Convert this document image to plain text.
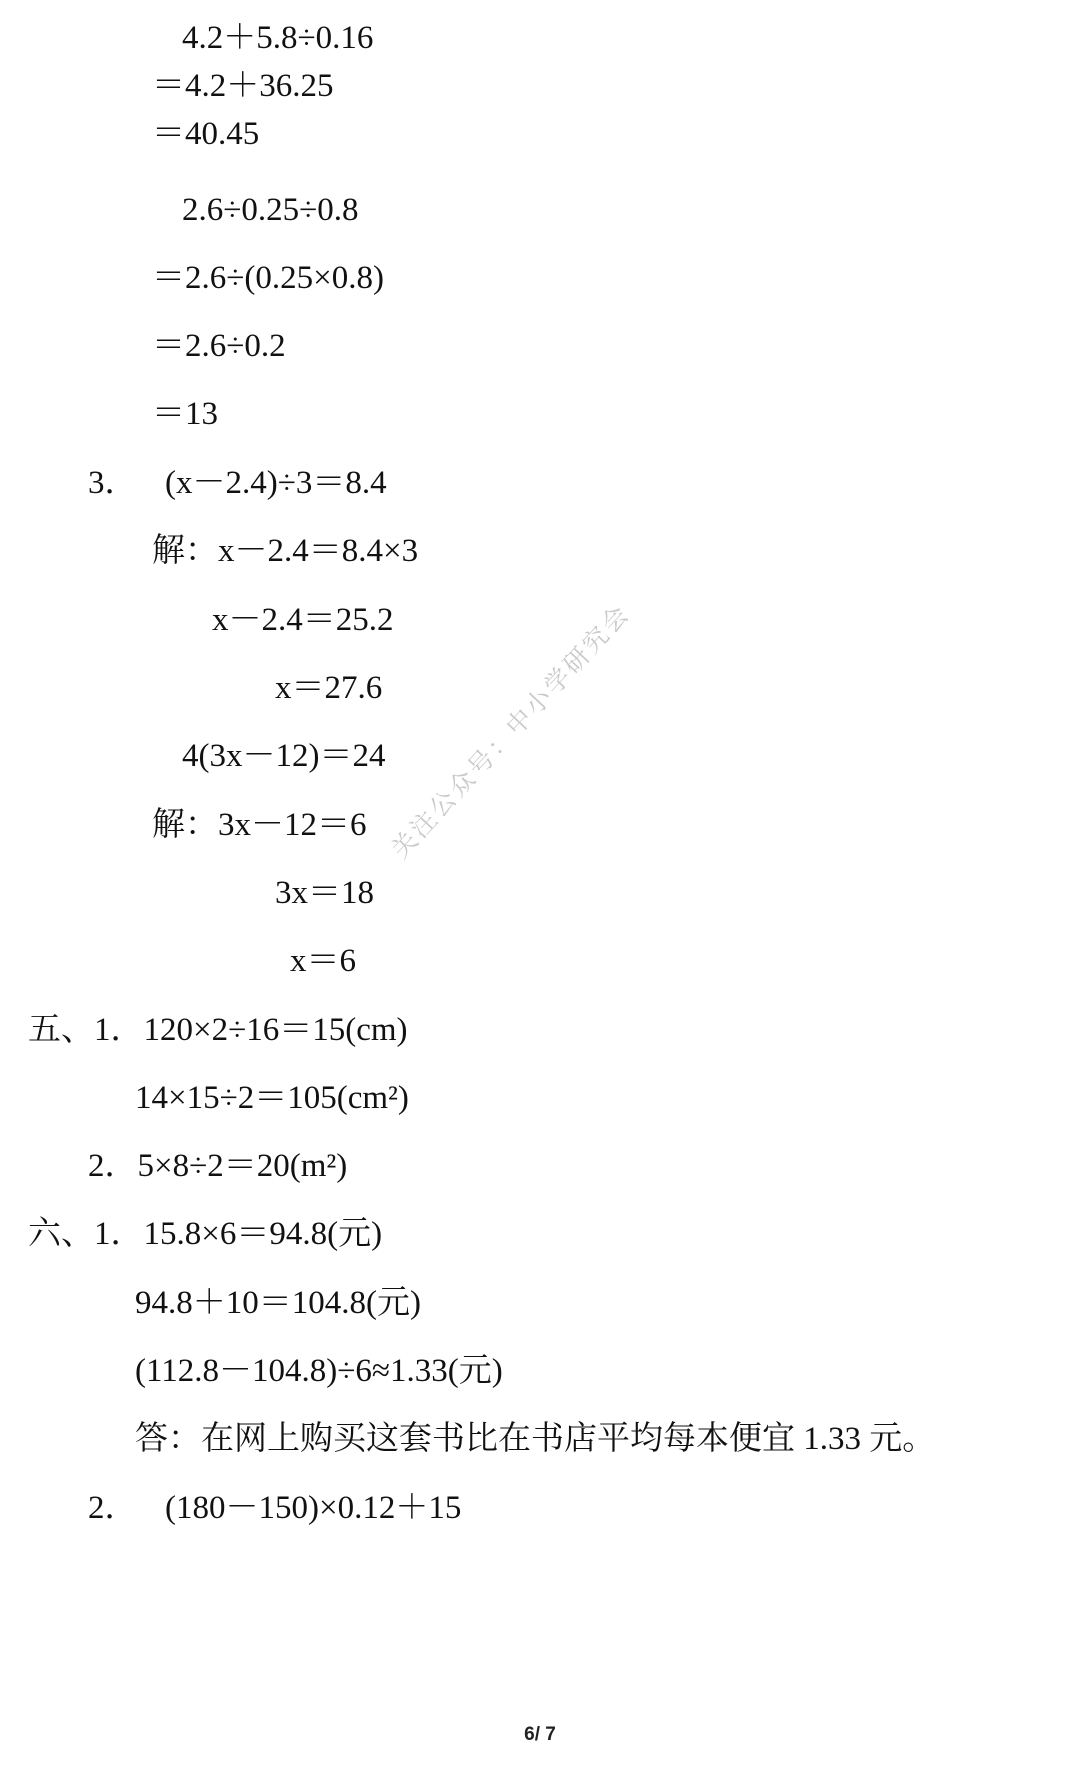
4.2＋5.8÷0.16
＝4.2＋36.25
＝40.45
2.6÷0.25÷0.8
＝2.6÷(0.25×0.8)
＝2.6÷0.2
＝13
3． (x－2.4)÷3＝8.4
解：x－2.4＝8.4×3
x－2.4＝25.2
x＝27.6
4(3x－12)＝24
解：3x－12＝6
3x＝18
x＝6
五、1．120×2÷16＝15(cm)
14×15÷2＝105(cm²)
2．5×8÷2＝20(m²)
六、1．15.8×6＝94.8(元)
94.8＋10＝104.8(元)
(112.8－104.8)÷6≈1.33(元)
答：在网上购买这套书比在书店平均每本便宜 1.33 元。
2． (180－150)×0.12＋15
关注公众号：中小学研究会
6/ 7
